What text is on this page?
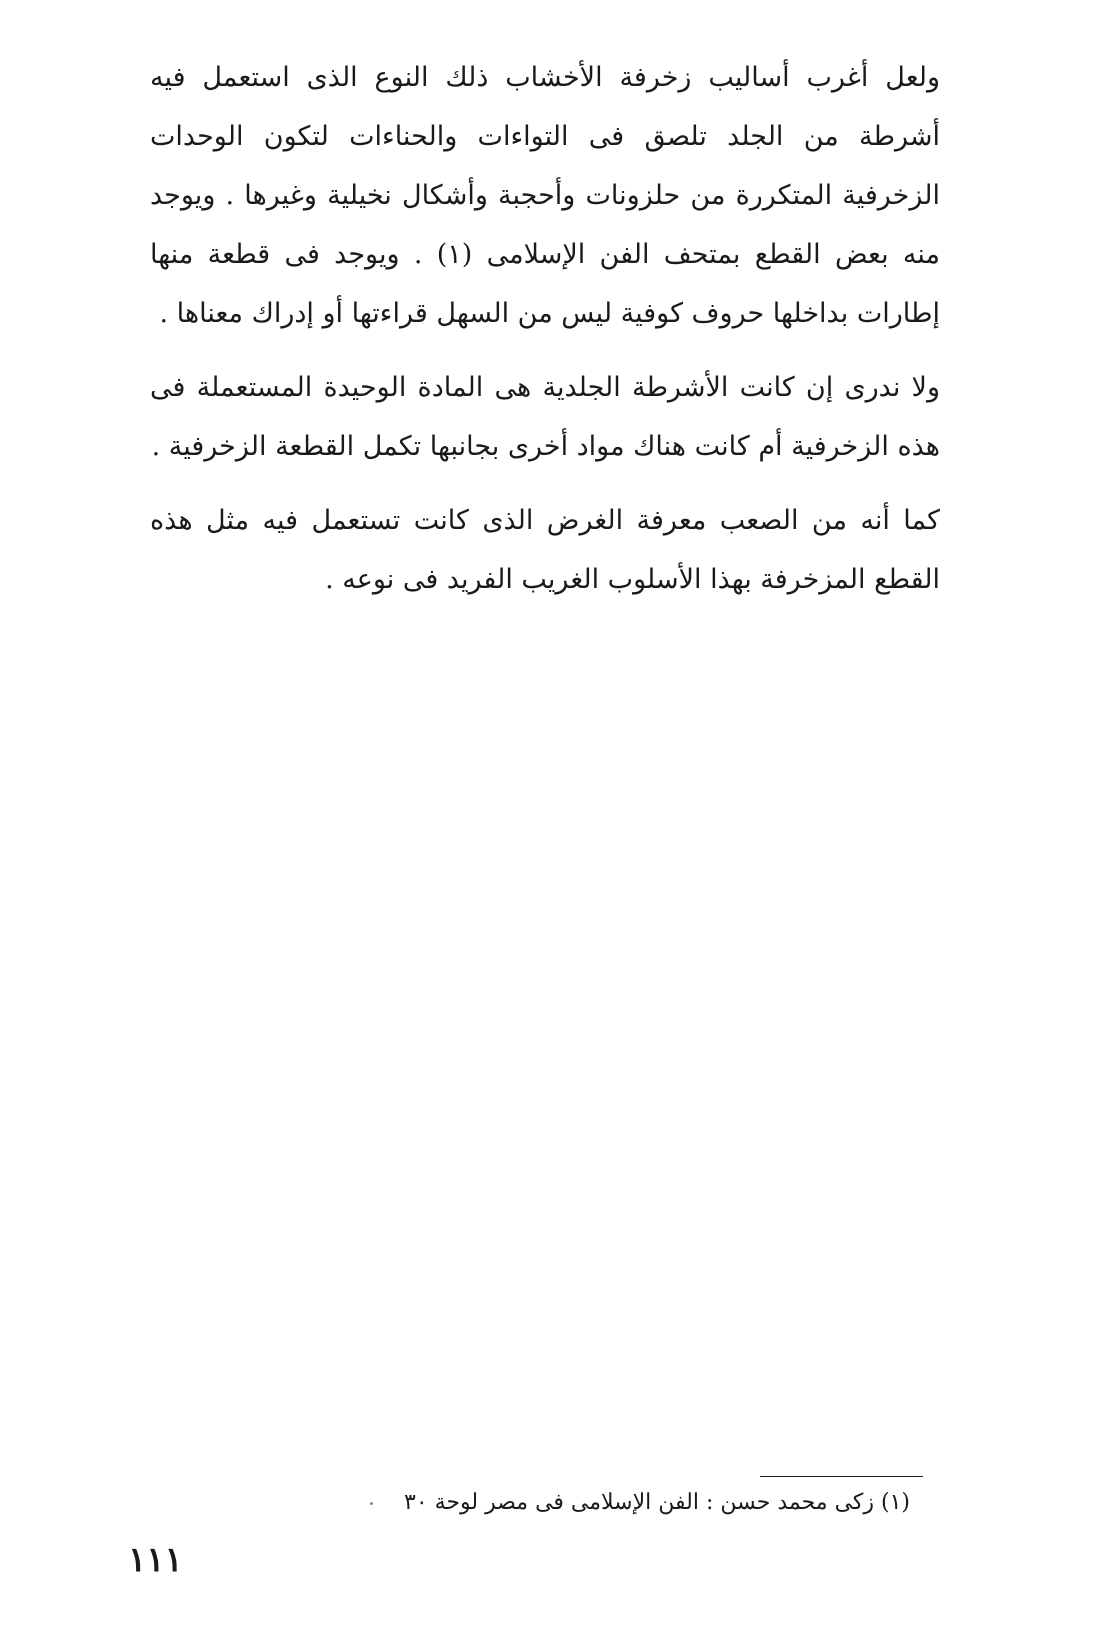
ولعل أغرب أساليب زخرفة الأخشاب ذلك النوع الذى استعمل فيه أشرطة من الجلد تلصق فى التواءات والحناءات لتكون الوحدات الزخرفية المتكررة من حلزونات وأحجبة وأشكال نخيلية وغيرها . ويوجد منه بعض القطع بمتحف الفن الإسلامى (١) . ويوجد فى قطعة منها إطارات بداخلها حروف كوفية ليس من السهل قراءتها أو إدراك معناها .

ولا ندرى إن كانت الأشرطة الجلدية هى المادة الوحيدة المستعملة فى هذه الزخرفية أم كانت هناك مواد أخرى بجانبها تكمل القطعة الزخرفية .

كما أنه من الصعب معرفة الغرض الذى كانت تستعمل فيه مثل هذه القطع المزخرفة بهذا الأسلوب الغريب الفريد فى نوعه .

(١) زكى محمد حسن : الفن الإسلامى فى مصر لوحة ٣٠
١١١
